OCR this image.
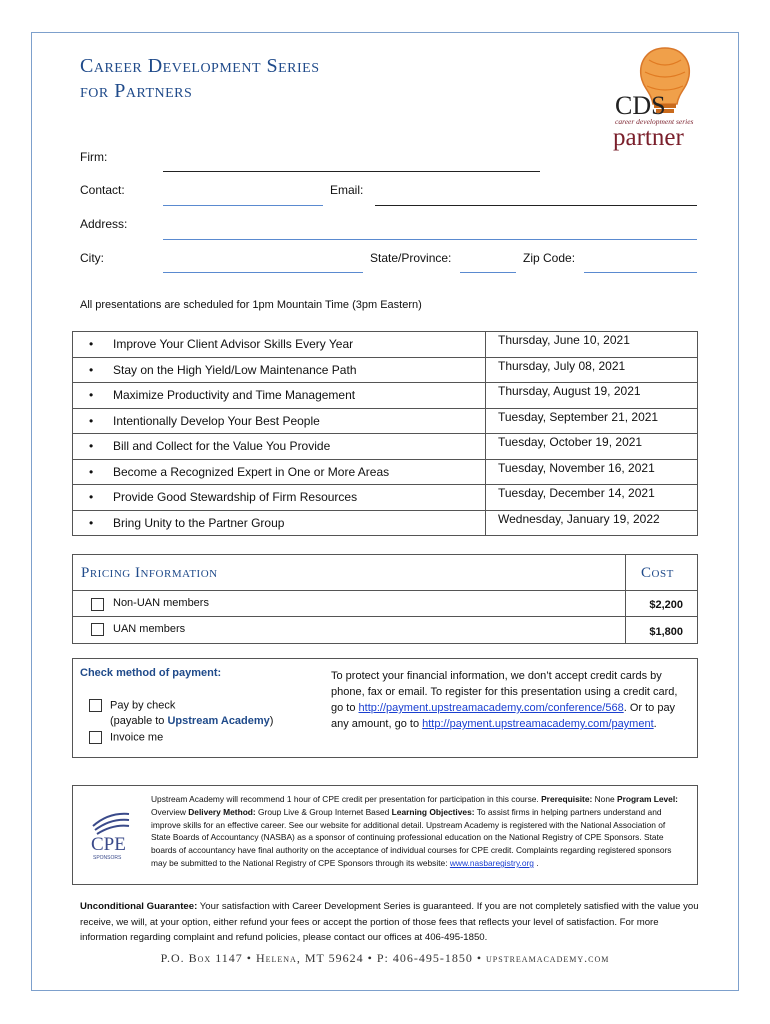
Career Development Series
for Partners	CDS
career development series
partner
Firm:
Contact:	Email:
Address:
City:	State/Province:	Zip Code:
All presentations are scheduled for 1pm Mountain Time (3pm Eastern)
• Improve Your Client Advisor Skills Every Year	Thursday, June 10, 2021
• Stay on the High Yield/Low Maintenance Path	Thursday, July 08, 2021
• Maximize Productivity and Time Management	Thursday, August 19, 2021
• Intentionally Develop Your Best People	Tuesday, September 21, 2021
• Bill and Collect for the Value You Provide	Tuesday, October 19, 2021
• Become a Recognized Expert in One or More Areas	Tuesday, November 16, 2021
• Provide Good Stewardship of Firm Resources	Tuesday, December 14, 2021
• Bring Unity to the Partner Group	Wednesday, January 19, 2022
Pricing Information	Cost
Non-UAN members	$2,200
UAN members	$1,800
Check method of payment:
Pay by check
(payable to Upstream Academy)
Invoice me
To protect your financial information, we don’t accept credit cards by phone, fax or email. To register for this presentation using a credit card, go to http://payment.upstreamacademy.com/conference/568. Or to pay any amount, go to http://payment.upstreamacademy.com/payment.
CPE
SPONSORS
Upstream Academy will recommend 1 hour of CPE credit per presentation for participation in this course. Prerequisite: None Program Level: Overview Delivery Method: Group Live & Group Internet Based Learning Objectives: To assist firms in helping partners understand and improve skills for an effective career. See our website for additional detail. Upstream Academy is registered with the National Association of State Boards of Accountancy (NASBA) as a sponsor of continuing professional education on the National Registry of CPE Sponsors. State boards of accountancy have final authority on the acceptance of individual courses for CPE credit. Complaints regarding registered sponsors may be submitted to the National Registry of CPE Sponsors through its website: www.nasbaregistry.org .
Unconditional Guarantee: Your satisfaction with Career Development Series is guaranteed. If you are not completely satisfied with the value you receive, we will, at your option, either refund your fees or accept the portion of those fees that reflects your level of satisfaction. For more information regarding complaint and refund policies, please contact our offices at 406-495-1850.
P.O. Box 1147 • Helena, MT 59624 • P: 406-495-1850 • upstreamacademy.com
